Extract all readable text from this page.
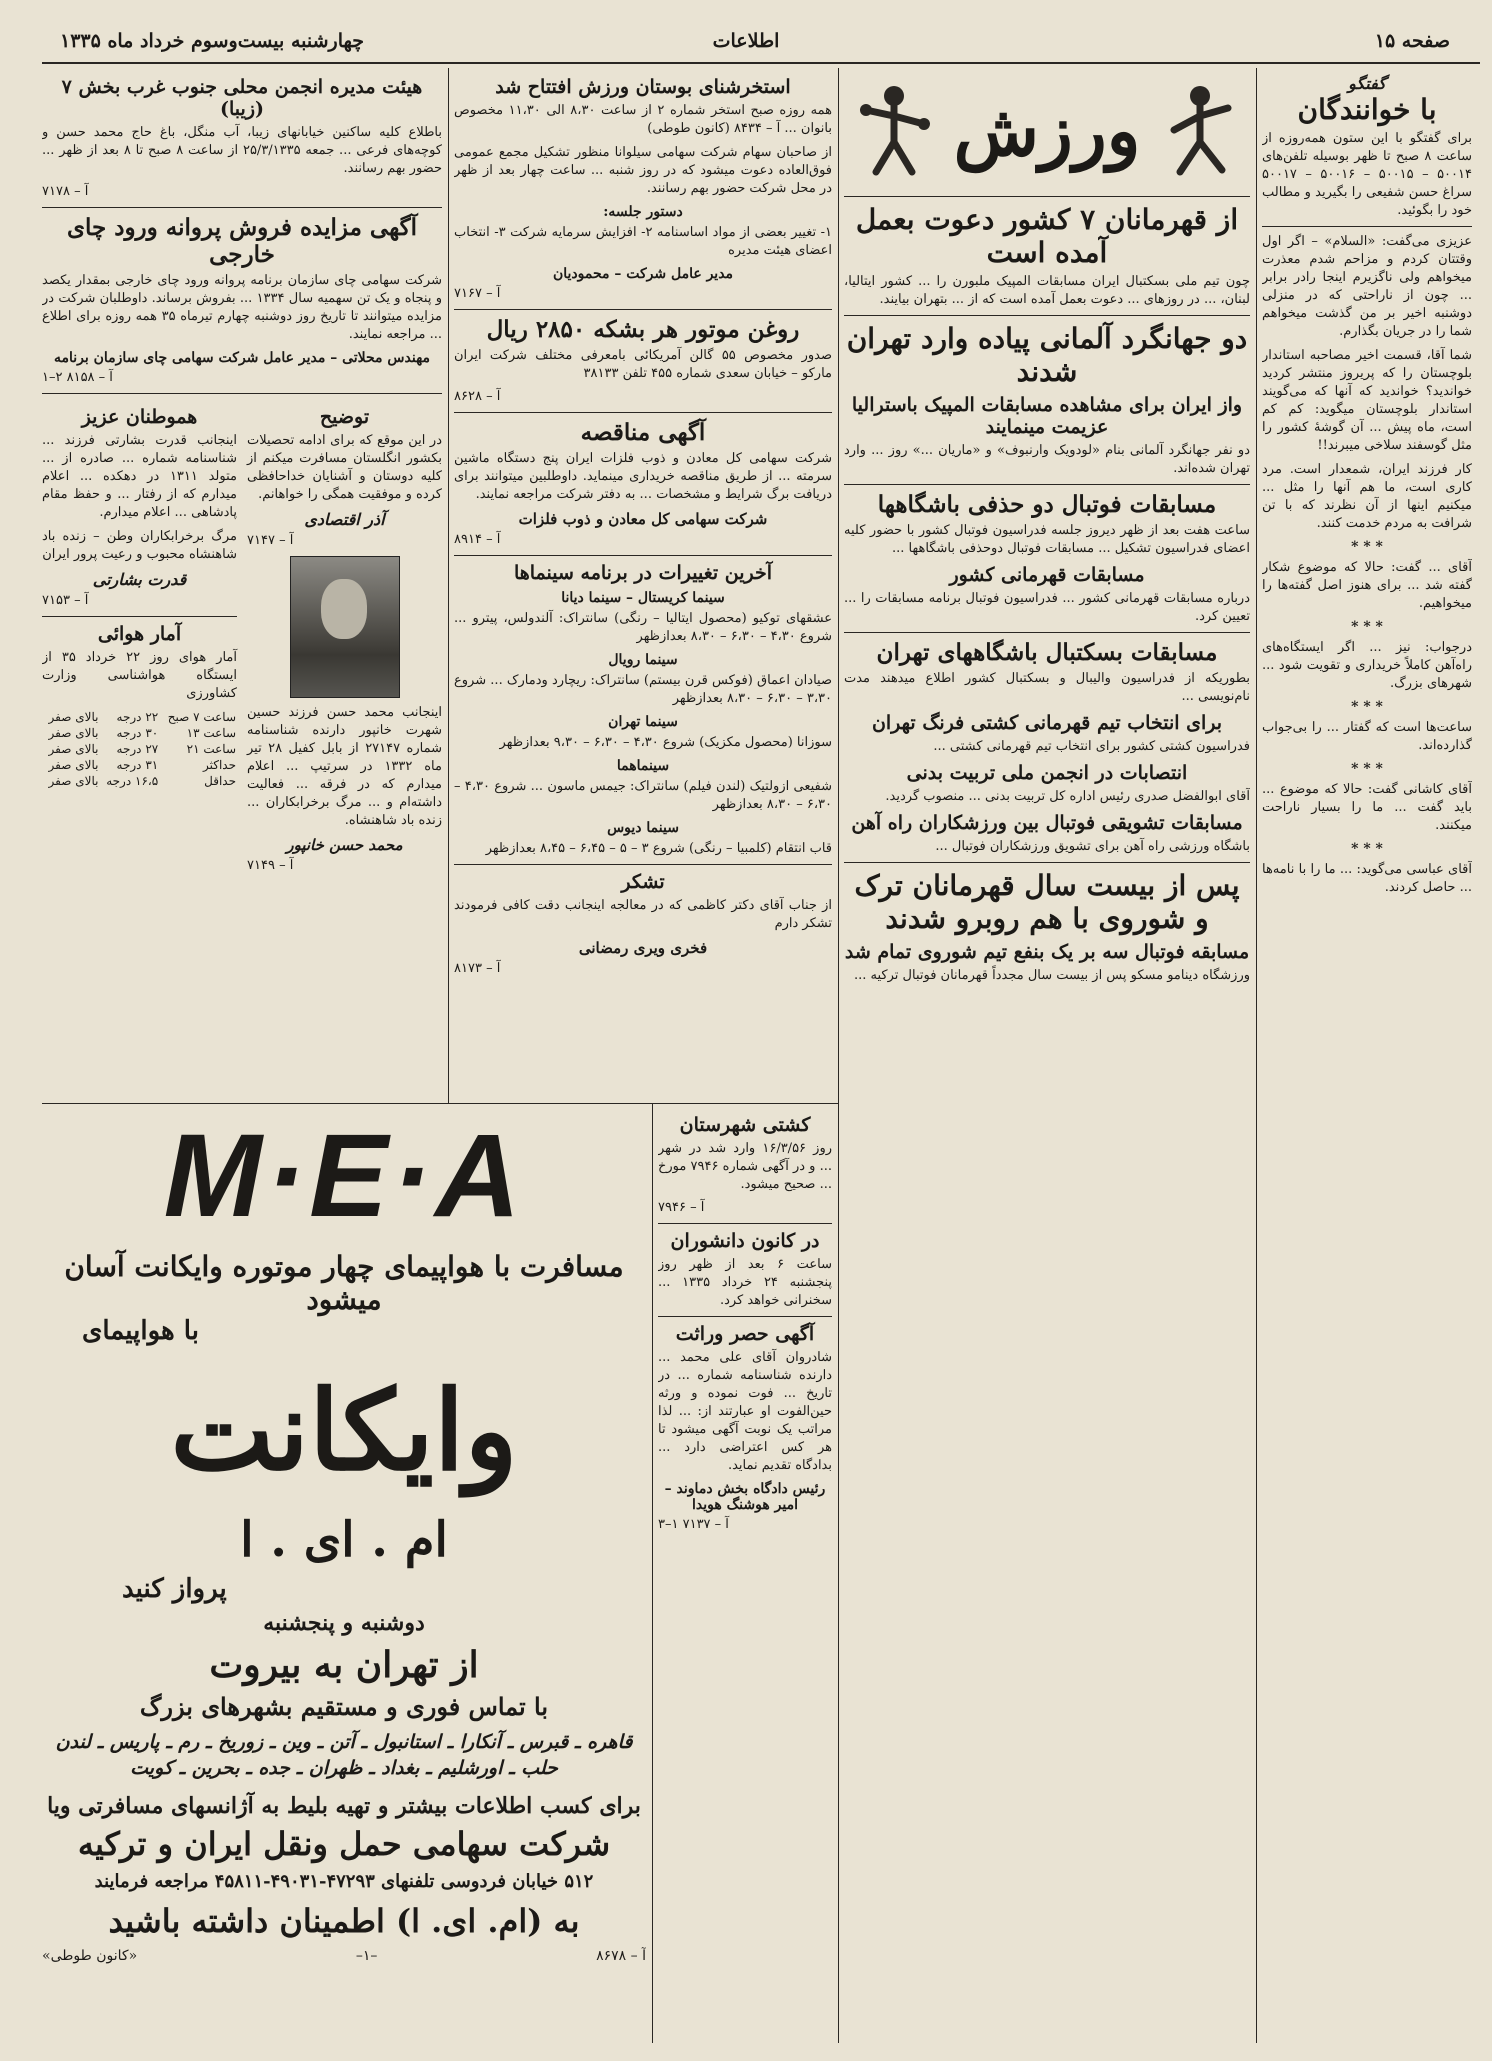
صفحه ۱۵
اطلاعات
چهارشنبه بیست‌وسوم خرداد ماه ۱۳۳۵
گفتگو
با خوانندگان

برای گفتگو با این ستون همه‌روزه از ساعت ۸ صبح تا ظهر بوسیله تلفن‌های ۵۰۰۱۴ – ۵۰۰۱۵ – ۵۰۰۱۶ – ۵۰۰۱۷ سراغ حسن شفیعی را بگیرید و مطالب خود را بگوئید.

عزیزی می‌گفت: «السلام» – اگر اول وقتتان کردم و مزاحم شدم معذرت میخواهم ولی ناگزیرم اینجا رادر برابر ... چون از ناراحتی که در منزلی دوشنبه اخیر بر من گذشت میخواهم شما را در جریان بگذارم.

شما آقا، قسمت اخیر مصاحبه استاندار بلوچستان را که پریروز منتشر کردید خواندید؟ خواندید که آنها که می‌گویند استاندار بلوچستان میگوید: کم کم است، ماه پیش ... آن گوشهٔ کشور را مثل گوسفند سلاخی میبرند!!

کار فرزند ایران، شمعدار است. مرد کاری است، ما هم آنها را مثل ... میکنیم اینها از آن نظرند که با تن شرافت به مردم خدمت کنند.

* * *

آقای ... گفت: حالا که موضوع شکار گفته شد ... برای هنوز اصل گفته‌ها را میخواهیم.

* * *

درجواب: نیز ... اگر ایستگاه‌های راه‌آهن کاملاً خریداری و تقویت شود ... شهرهای بزرگ.

* * *

ساعت‌ها است که گفتار ... را بی‌جواب گذارده‌اند.

* * *

آقای کاشانی گفت: حالا که موضوع ... باید گفت ... ما را بسیار ناراحت میکنند.

* * *

آقای عباسی می‌گوید: ... ما را با نامه‌ها ... حاصل کردند.

ورزش
از قهرمانان ۷ کشور دعوت بعمل آمده است

چون تیم ملی بسکتبال ایران مسابقات المپیک ملبورن را ... کشور ایتالیا، لبنان، ... در روزهای ... دعوت بعمل آمده است که از ... بتهران بیایند.

دو جهانگرد آلمانی پیاده وارد تهران شدند
واز ایران برای مشاهده مسابقات المپیک باسترالیا عزیمت مینمایند

دو نفر جهانگرد آلمانی بنام «لودویک وارنبوف» و «ماریان ...» روز ... وارد تهران شده‌اند.

مسابقات فوتبال دو حذفی باشگاهها

ساعت هفت بعد از ظهر دیروز جلسه فدراسیون فوتبال کشور با حضور کلیه اعضای فدراسیون تشکیل ... مسابقات فوتبال دوحذفی باشگاهها ...

مسابقات قهرمانی کشور

درباره مسابقات قهرمانی کشور ... فدراسیون فوتبال برنامه مسابقات را ... تعیین کرد.

مسابقات بسکتبال باشگاههای تهران

بطوریکه از فدراسیون والیبال و بسکتبال کشور اطلاع میدهند مدت نام‌نویسی ...

برای انتخاب تیم قهرمانی کشتی فرنگ تهران

فدراسیون کشتی کشور برای انتخاب تیم قهرمانی کشتی ...

انتصابات در انجمن ملی تربیت بدنی

آقای ابوالفضل صدری رئیس اداره کل تربیت بدنی ... منصوب گردید.

مسابقات تشویقی فوتبال بین ورزشکاران راه آهن

باشگاه ورزشی راه آهن برای تشویق ورزشکاران فوتبال ...

پس از بیست سال قهرمانان ترک و شوروی با هم روبرو شدند
مسابقه فوتبال سه بر یک بنفع تیم شوروی تمام شد

ورزشگاه دینامو مسکو پس از بیست سال مجدداً قهرمانان فوتبال ترکیه ...

استخرشنای بوستان ورزش افتتاح شد

همه روزه صبح استخر شماره ۲ از ساعت ۸،۳۰ الی ۱۱،۳۰ مخصوص بانوان ... آ – ۸۴۳۴ (کانون طوطی)

از صاحبان سهام شرکت سهامی سیلوانا منظور تشکیل مجمع عمومی فوق‌العاده دعوت میشود که در روز شنبه ... ساعت چهار بعد از ظهر در محل شرکت حضور بهم رسانند.

دستور جلسه:

۱- تغییر بعضی از مواد اساسنامه ۲- افزایش سرمایه شرکت ۳- انتخاب اعضای هیئت مدیره

مدیر عامل شرکت – محمودیان
آ – ۷۱۶۷
روغن موتور هر بشکه ۲۸۵۰ ریال

صدور مخصوص ۵۵ گالن آمریکائی بامعرفی مختلف شرکت ایران مارکو – خیابان سعدی شماره ۴۵۵ تلفن ۳۸۱۳۳

آ – ۸۶۲۸
آگهی مناقصه

شرکت سهامی کل معادن و ذوب فلزات ایران پنج دستگاه ماشین سرمته ... از طریق مناقصه خریداری مینماید. داوطلبین میتوانند برای دریافت برگ شرایط و مشخصات ... به دفتر شرکت مراجعه نمایند.

شرکت سهامی کل معادن و ذوب فلزات
آ – ۸۹۱۴
آخرین تغییرات در برنامه سینماها
سینما کریستال – سینما دیانا

عشقهای توکیو (محصول ایتالیا – رنگی) سانتراک: آلندولس، پیترو ... شروع ۴،۳۰ – ۶،۳۰ – ۸،۳۰ بعدازظهر

سینما رویال

صیادان اعماق (فوکس قرن بیستم) سانتراک: ریچارد ودمارک ... شروع ۳،۳۰ – ۶،۳۰ – ۸،۳۰ بعدازظهر

سینما تهران

سوزانا (محصول مکزیک) شروع ۴،۳۰ – ۶،۳۰ – ۹،۳۰ بعدازظهر

سینماهما

شفیعی ازولتیک (لندن فیلم) سانتراک: جیمس ماسون ... شروع ۴،۳۰ – ۶،۳۰ – ۸،۳۰ بعدازظهر

سینما دیوس

قاب انتقام (کلمبیا – رنگی) شروع ۳ – ۵ – ۶،۴۵ – ۸،۴۵ بعدازظهر

تشکر

از جناب آقای دکتر کاظمی که در معالجه اینجانب دقت کافی فرمودند تشکر دارم

فخری ویری رمضانی
آ – ۸۱۷۳
هیئت مدیره انجمن محلی جنوب غرب بخش ۷ (زیبا)

باطلاع کلیه ساکنین خیابانهای زیبا، آب منگل، باغ حاج محمد حسن و کوچه‌های فرعی ... جمعه ۲۵/۳/۱۳۳۵ از ساعت ۸ صبح تا ۸ بعد از ظهر ... حضور بهم رسانند.

آ – ۷۱۷۸
آگهی مزایده فروش پروانه ورود چای خارجی

شرکت سهامی چای سازمان برنامه پروانه ورود چای خارجی بمقدار یکصد و پنجاه و یک تن سهمیه سال ۱۳۳۴ ... بفروش برساند. داوطلبان شرکت در مزایده میتوانند تا تاریخ روز دوشنبه چهارم تیرماه ۳۵ همه روزه برای اطلاع ... مراجعه نمایند.

مهندس محلاتی – مدیر عامل شرکت سهامی چای سازمان برنامه
آ – ۸۱۵۸ ۲–۱
توضیح

در این موقع که برای ادامه تحصیلات بکشور انگلستان مسافرت میکنم از کلیه دوستان و آشنایان خداحافظی کرده و موفقیت همگی را خواهانم.

آذر اقتصادی
آ – ۷۱۴۷

اینجانب محمد حسن فرزند حسین شهرت خانپور دارنده شناسنامه شماره ۲۷۱۴۷ از بابل کفیل ۲۸ تیر ماه ۱۳۳۲ در سرتیپ ... اعلام میدارم که در فرقه ... فعالیت داشته‌ام و ... مرگ برخرابکاران ... زنده باد شاهنشاه.

محمد حسن خانپور
آ – ۷۱۴۹
هموطنان عزیز

اینجانب قدرت بشارتی فرزند ... شناسنامه شماره ... صادره از ... متولد ۱۳۱۱ در دهکده ... اعلام میدارم که از رفتار ... و حفظ مقام پادشاهی ... اعلام میدارم.

مرگ برخرابکاران وطن – زنده باد شاهنشاه محبوب و رعیت پرور ایران

قدرت بشارتی
آ – ۷۱۵۳
آمار هوائی

آمار هوای روز ۲۲ خرداد ۳۵ از ایستگاه هواشناسی وزارت کشاورزی

ساعت ۷ صبح	۲۲ درجه	بالای صفر
ساعت ۱۳	۳۰ درجه	بالای صفر
ساعت ۲۱	۲۷ درجه	بالای صفر
حداکثر	۳۱ درجه	بالای صفر
حداقل	۱۶،۵ درجه	بالای صفر
کشتی شهرستان

روز ۱۶/۳/۵۶ وارد شد در شهر ... و در آگهی شماره ۷۹۴۶ مورخ ... صحیح میشود.

آ – ۷۹۴۶
در کانون دانشوران

ساعت ۶ بعد از ظهر روز پنجشنبه ۲۴ خرداد ۱۳۳۵ ... سخنرانی خواهد کرد.

آگهی حصر وراثت

شادروان آقای علی محمد ... دارنده شناسنامه شماره ... در تاریخ ... فوت نموده و ورثه حین‌الفوت او عبارتند از: ... لذا مراتب یک نوبت آگهی میشود تا هر کس اعتراضی دارد ... بدادگاه تقدیم نماید.

رئیس دادگاه بخش دماوند – امیر هوشنگ هویدا
آ – ۷۱۳۷ ۱–۳
M·E·A
مسافرت با هواپیمای چهار موتوره وایکانت آسان میشود
با هواپیمای
وایکانت
ام . ای . ا
پرواز کنید
دوشنبه و پنجشنبه
از تهران به بیروت
با تماس فوری و مستقیم بشهرهای بزرگ
قاهره ـ قبرس ـ آنکارا ـ استانبول ـ آتن ـ وین ـ زوریخ ـ رم ـ پاریس ـ لندن
حلب ـ اورشلیم ـ بغداد ـ ظهران ـ جده ـ بحرین ـ کویت
برای کسب اطلاعات بیشتر و تهیه بلیط به آژانسهای مسافرتی ویا
شرکت سهامی حمل ونقل ایران و ترکیه
۵۱۲ خیابان فردوسی تلفنهای ۴۷۲۹۳-۴۹۰۳۱-۴۵۸۱۱ مراجعه فرمایند
به (ام. ای. ا) اطمینان داشته باشید
«کانون طوطی»	–۱–	آ – ۸۶۷۸
